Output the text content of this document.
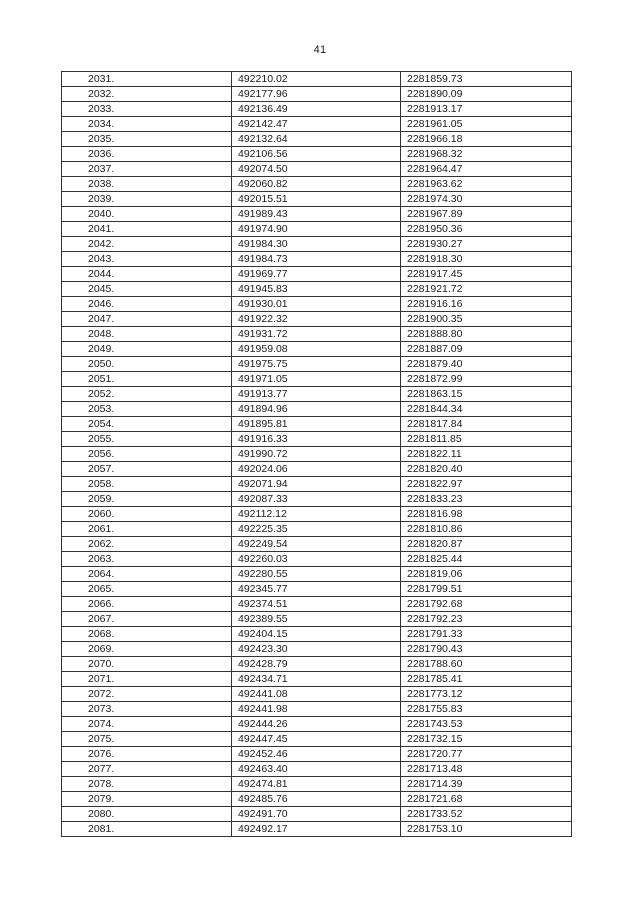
41
2031.	492210.02	2281859.73
2032.	492177.96	2281890.09
2033.	492136.49	2281913.17
2034.	492142.47	2281961.05
2035.	492132.64	2281966.18
2036.	492106.56	2281968.32
2037.	492074.50	2281964.47
2038.	492060.82	2281963.62
2039.	492015.51	2281974.30
2040.	491989.43	2281967.89
2041.	491974.90	2281950.36
2042.	491984.30	2281930.27
2043.	491984.73	2281918.30
2044.	491969.77	2281917.45
2045.	491945.83	2281921.72
2046.	491930.01	2281916.16
2047.	491922.32	2281900.35
2048.	491931.72	2281888.80
2049.	491959.08	2281887.09
2050.	491975.75	2281879.40
2051.	491971.05	2281872.99
2052.	491913.77	2281863.15
2053.	491894.96	2281844.34
2054.	491895.81	2281817.84
2055.	491916.33	2281811.85
2056.	491990.72	2281822.11
2057.	492024.06	2281820.40
2058.	492071.94	2281822.97
2059.	492087.33	2281833.23
2060.	492112.12	2281816.98
2061.	492225.35	2281810.86
2062.	492249.54	2281820.87
2063.	492260.03	2281825.44
2064.	492280.55	2281819.06
2065.	492345.77	2281799.51
2066.	492374.51	2281792.68
2067.	492389.55	2281792.23
2068.	492404.15	2281791.33
2069.	492423.30	2281790.43
2070.	492428.79	2281788.60
2071.	492434.71	2281785.41
2072.	492441.08	2281773.12
2073.	492441.98	2281755.83
2074.	492444.26	2281743.53
2075.	492447.45	2281732.15
2076.	492452.46	2281720.77
2077.	492463.40	2281713.48
2078.	492474.81	2281714.39
2079.	492485.76	2281721.68
2080.	492491.70	2281733.52
2081.	492492.17	2281753.10
